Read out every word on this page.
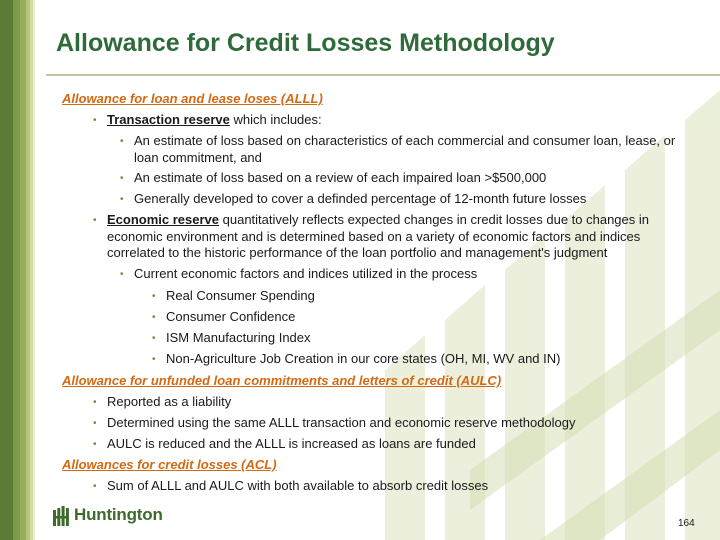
Allowance for Credit Losses Methodology
Allowance for loan and lease loses (ALLL)
• Transaction reserve which includes:
• An estimate of loss based on characteristics of each commercial and consumer loan, lease, or loan commitment, and
• An estimate of loss based on a review of each impaired loan >$500,000
• Generally developed to cover a definded percentage of 12-month future losses
• Economic reserve quantitatively reflects expected changes in credit losses due to changes in economic environment and is determined based on a variety of economic factors and indices correlated to the historic performance of the loan portfolio and management's judgment
• Current economic factors and indices utilized in the process
• Real Consumer Spending
• Consumer Confidence
• ISM Manufacturing Index
• Non-Agriculture Job Creation in our core states (OH, MI, WV and IN)
Allowance for unfunded loan commitments and letters of credit (AULC)
• Reported as a liability
• Determined using the same ALLL transaction and economic reserve methodology
• AULC is reduced and the ALLL is increased as loans are funded
Allowances for credit losses (ACL)
• Sum of ALLL and AULC with both available to absorb credit losses
Huntington	164
